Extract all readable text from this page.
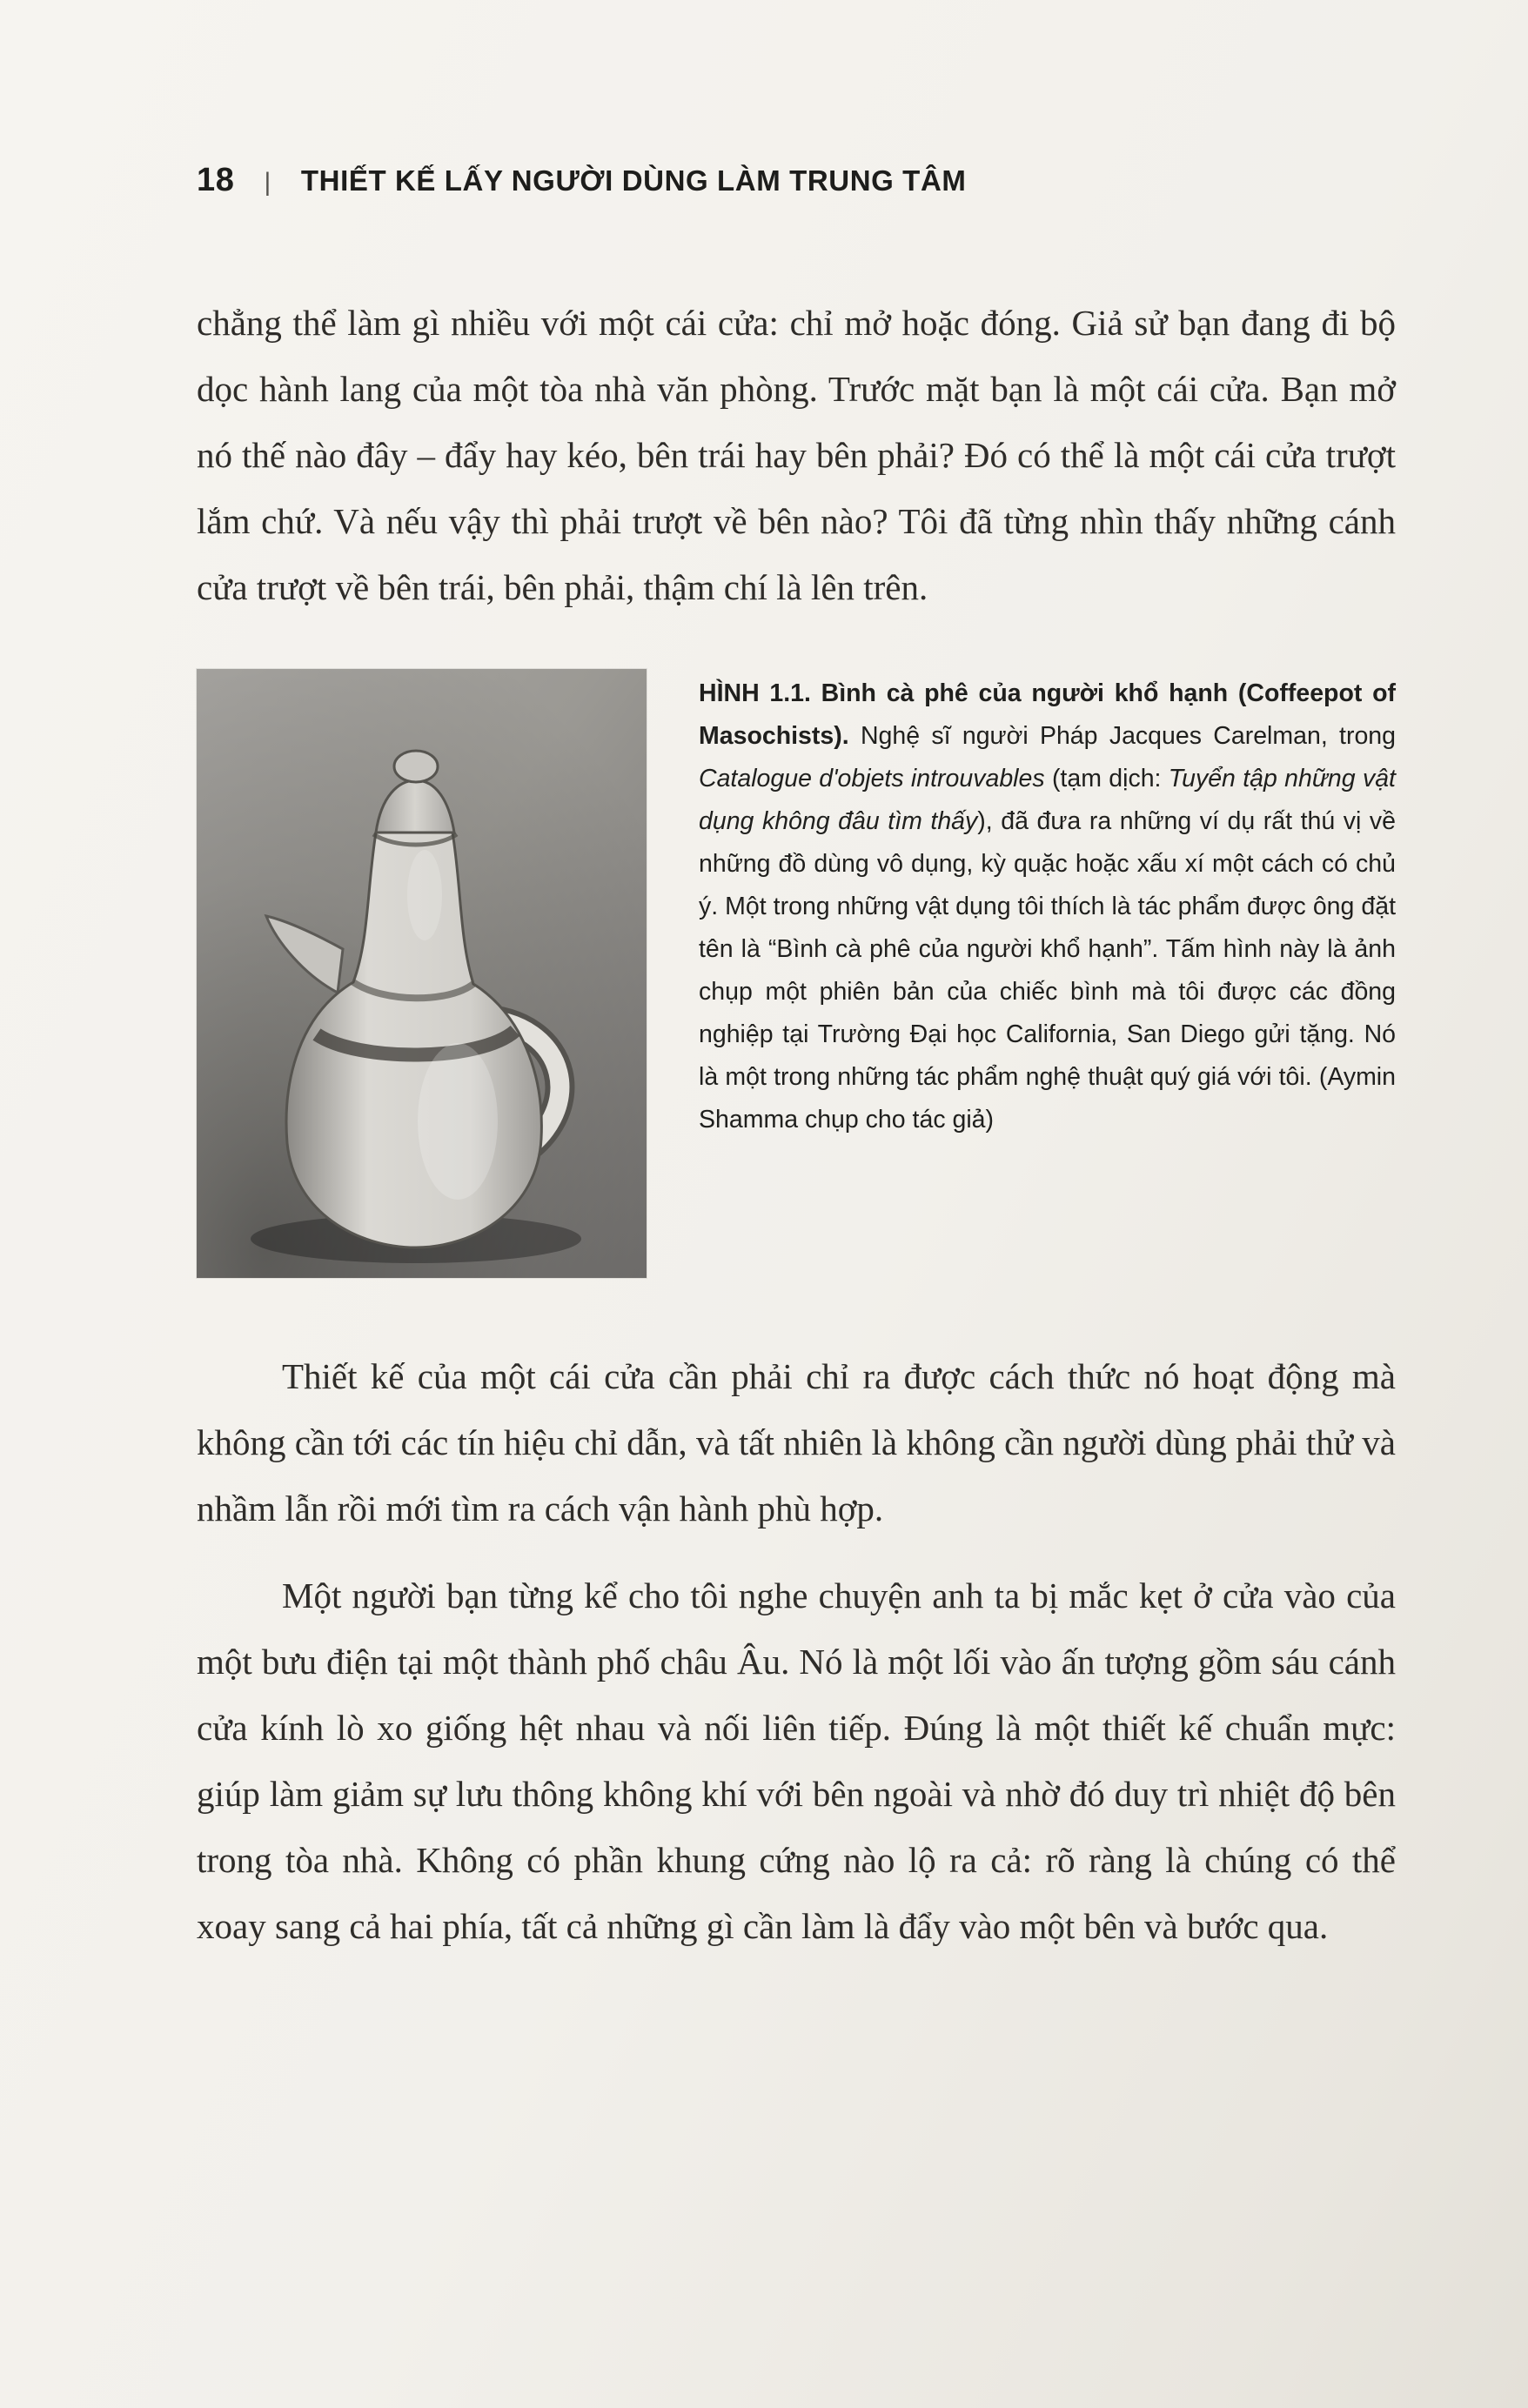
18 | THIẾT KẾ LẤY NGƯỜI DÙNG LÀM TRUNG TÂM

chẳng thể làm gì nhiều với một cái cửa: chỉ mở hoặc đóng. Giả sử bạn đang đi bộ dọc hành lang của một tòa nhà văn phòng. Trước mặt bạn là một cái cửa. Bạn mở nó thế nào đây – đẩy hay kéo, bên trái hay bên phải? Đó có thể là một cái cửa trượt lắm chứ. Và nếu vậy thì phải trượt về bên nào? Tôi đã từng nhìn thấy những cánh cửa trượt về bên trái, bên phải, thậm chí là lên trên.

HÌNH 1.1. Bình cà phê của người khổ hạnh (Coffeepot of Masochists). Nghệ sĩ người Pháp Jacques Carelman, trong Catalogue d'objets introuvables (tạm dịch: Tuyển tập những vật dụng không đâu tìm thấy), đã đưa ra những ví dụ rất thú vị về những đồ dùng vô dụng, kỳ quặc hoặc xấu xí một cách có chủ ý. Một trong những vật dụng tôi thích là tác phẩm được ông đặt tên là “Bình cà phê của người khổ hạnh”. Tấm hình này là ảnh chụp một phiên bản của chiếc bình mà tôi được các đồng nghiệp tại Trường Đại học California, San Diego gửi tặng. Nó là một trong những tác phẩm nghệ thuật quý giá với tôi. (Aymin Shamma chụp cho tác giả)

Thiết kế của một cái cửa cần phải chỉ ra được cách thức nó hoạt động mà không cần tới các tín hiệu chỉ dẫn, và tất nhiên là không cần người dùng phải thử và nhầm lẫn rồi mới tìm ra cách vận hành phù hợp.

Một người bạn từng kể cho tôi nghe chuyện anh ta bị mắc kẹt ở cửa vào của một bưu điện tại một thành phố châu Âu. Nó là một lối vào ấn tượng gồm sáu cánh cửa kính lò xo giống hệt nhau và nối liên tiếp. Đúng là một thiết kế chuẩn mực: giúp làm giảm sự lưu thông không khí với bên ngoài và nhờ đó duy trì nhiệt độ bên trong tòa nhà. Không có phần khung cứng nào lộ ra cả: rõ ràng là chúng có thể xoay sang cả hai phía, tất cả những gì cần làm là đẩy vào một bên và bước qua.
